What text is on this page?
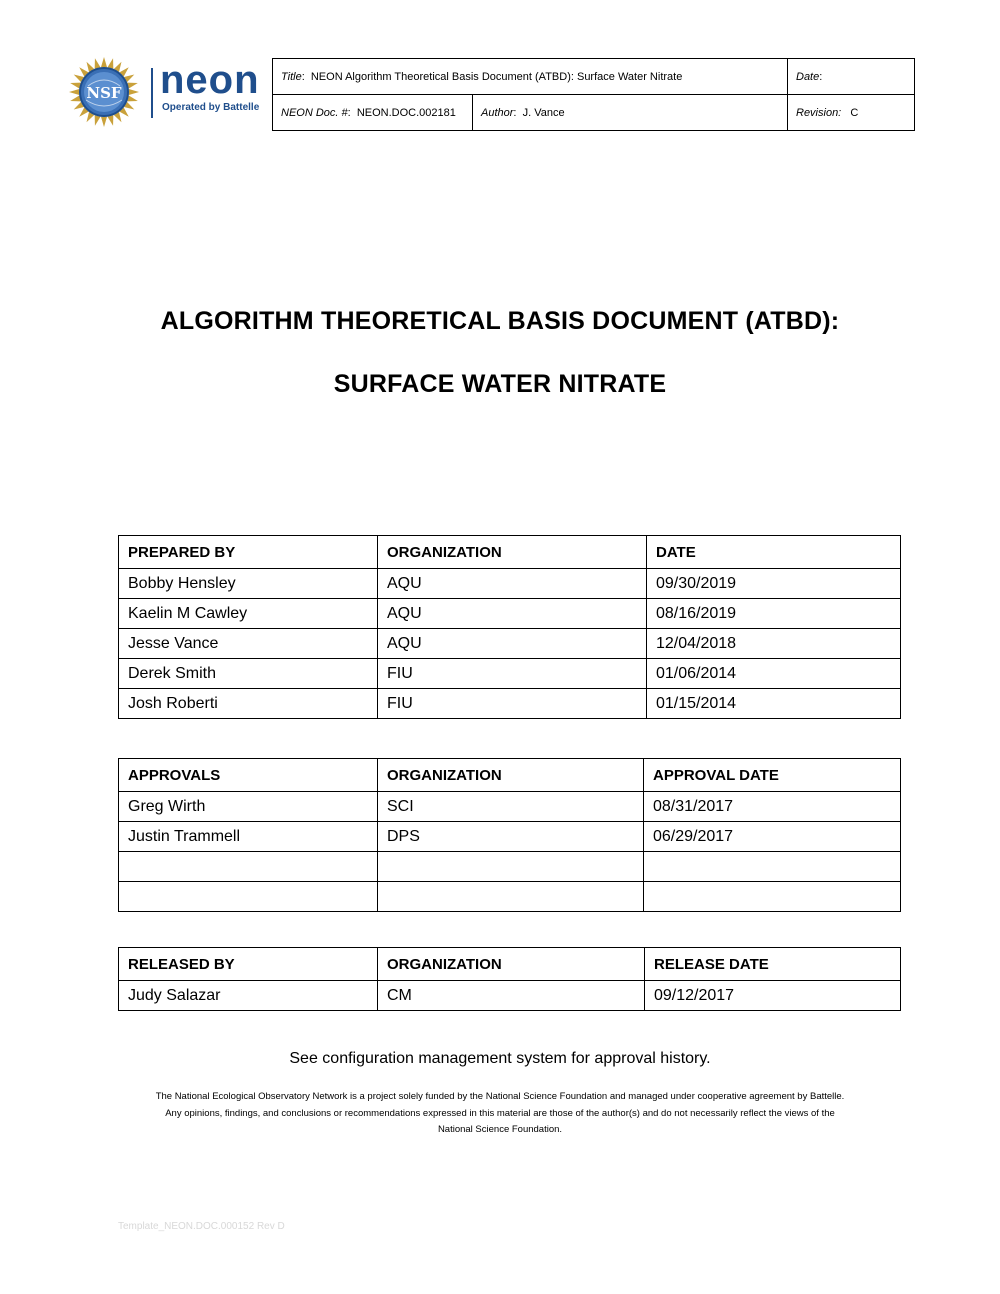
NSF neon
Operated by Battelle
Title:  NEON Algorithm Theoretical Basis Document (ATBD): Surface Water Nitrate		Date:
NEON Doc. #:  NEON.DOC.002181	Author:  J. Vance	Revision: C
ALGORITHM THEORETICAL BASIS DOCUMENT (ATBD):
SURFACE WATER NITRATE
PREPARED BY	ORGANIZATION	DATE
Bobby Hensley	AQU	09/30/2019
Kaelin M Cawley	AQU	08/16/2019
Jesse Vance	AQU	12/04/2018
Derek Smith	FIU	01/06/2014
Josh Roberti	FIU	01/15/2014
APPROVALS	ORGANIZATION	APPROVAL DATE
Greg Wirth	SCI	08/31/2017
Justin Trammell	DPS	06/29/2017

RELEASED BY	ORGANIZATION	RELEASE DATE
Judy Salazar	CM	09/12/2017
See configuration management system for approval history.
The National Ecological Observatory Network is a project solely funded by the National Science Foundation and managed under cooperative agreement by Battelle.
Any opinions, findings, and conclusions or recommendations expressed in this material are those of the author(s) and do not necessarily reflect the views of the
National Science Foundation.
Template_NEON.DOC.000152 Rev D
